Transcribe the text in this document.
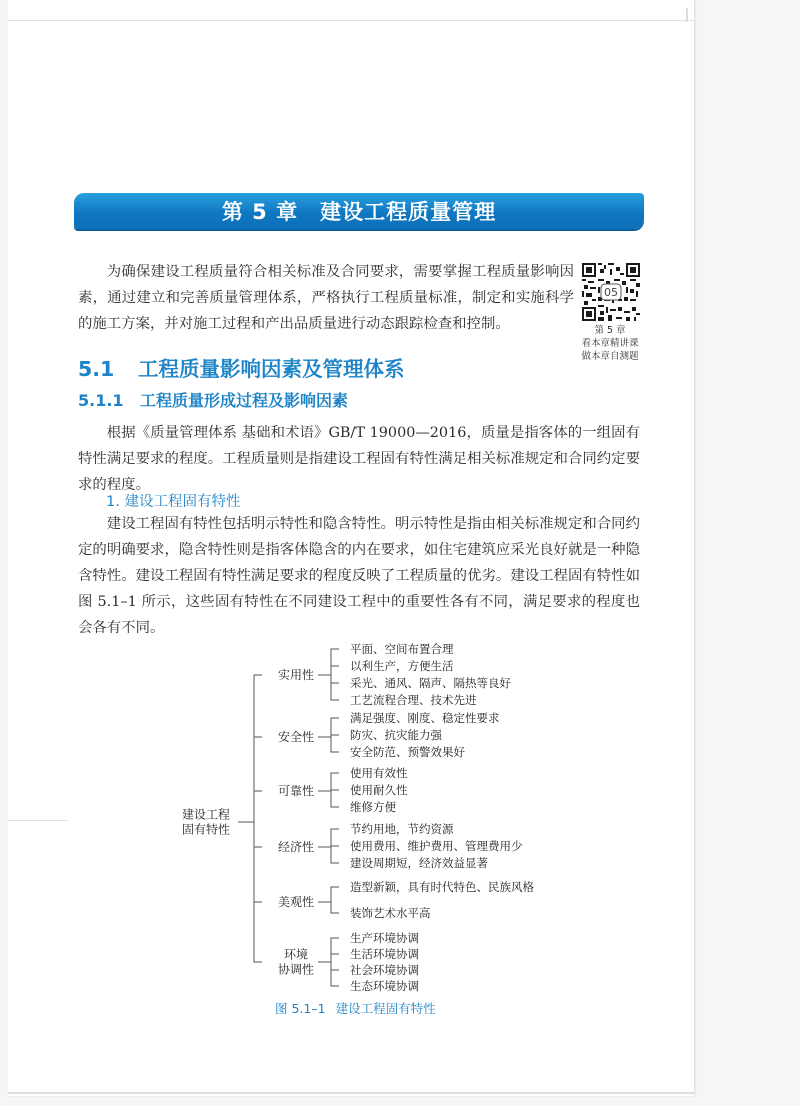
第 5 章 建设工程质量管理

为确保建设工程质量符合相关标准及合同要求，需要掌握工程质量影响因素，通过建立和完善质量管理体系，严格执行工程质量标准，制定和实施科学的施工方案，并对施工过程和产出品质量进行动态跟踪检查和控制。

05
第 5 章
看本章精讲课
做本章自测题
5.1 工程质量影响因素及管理体系
5.1.1 工程质量形成过程及影响因素

根据《质量管理体系 基础和术语》GB/T 19000—2016，质量是指客体的一组固有特性满足要求的程度。工程质量则是指建设工程固有特性满足相关标准规定和合同约定要求的程度。

1. 建设工程固有特性

建设工程固有特性包括明示特性和隐含特性。明示特性是指由相关标准规定和合同约定的明确要求，隐含特性则是指客体隐含的内在要求，如住宅建筑应采光良好就是一种隐含特性。建设工程固有特性满足要求的程度反映了工程质量的优劣。建设工程固有特性如图 5.1–1 所示，这些固有特性在不同建设工程中的重要性各有不同，满足要求的程度也会各有不同。

建设工程
固有特性
实用性
平面、空间布置合理
以利生产，方便生活
采光、通风、隔声、隔热等良好
工艺流程合理、技术先进
安全性
满足强度、刚度、稳定性要求
防灾、抗灾能力强
安全防范、预警效果好
可靠性
使用有效性
使用耐久性
维修方便
经济性
节约用地，节约资源
使用费用、维护费用、管理费用少
建设周期短，经济效益显著
美观性
造型新颖，具有时代特色、民族风格
装饰艺术水平高
环境
协调性
生产环境协调
生活环境协调
社会环境协调
生态环境协调
图 5.1–1 建设工程固有特性
